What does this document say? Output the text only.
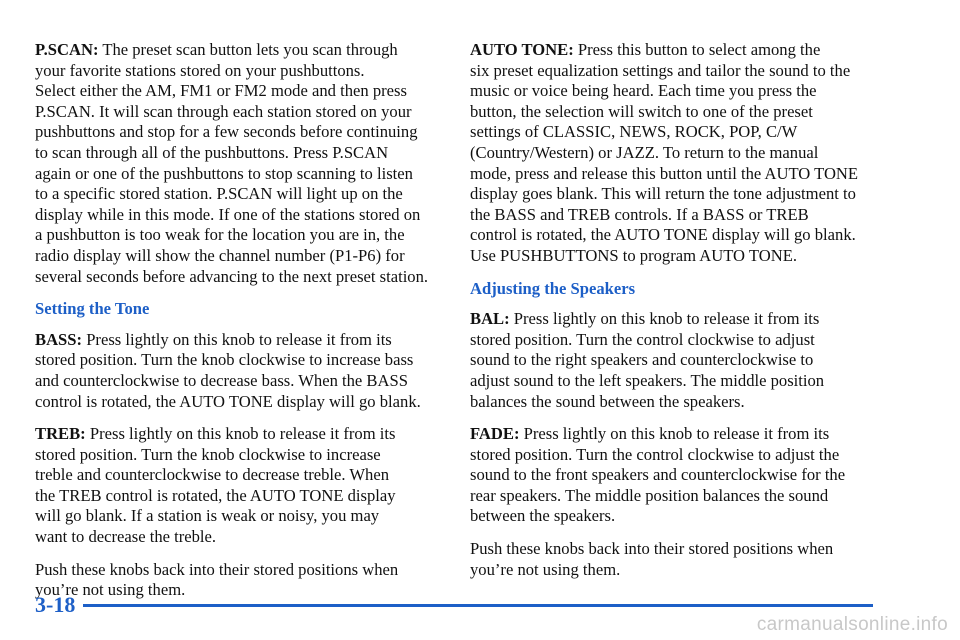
P.SCAN: The preset scan button lets you scan through
your favorite stations stored on your pushbuttons.
Select either the AM, FM1 or FM2 mode and then press
P.SCAN. It will scan through each station stored on your
pushbuttons and stop for a few seconds before continuing
to scan through all of the pushbuttons. Press P.SCAN
again or one of the pushbuttons to stop scanning to listen
to a specific stored station. P.SCAN will light up on the
display while in this mode. If one of the stations stored on
a pushbutton is too weak for the location you are in, the
radio display will show the channel number (P1-P6) for
several seconds before advancing to the next preset station.

Setting the Tone

BASS: Press lightly on this knob to release it from its
stored position. Turn the knob clockwise to increase bass
and counterclockwise to decrease bass. When the BASS
control is rotated, the AUTO TONE display will go blank.

TREB: Press lightly on this knob to release it from its
stored position. Turn the knob clockwise to increase
treble and counterclockwise to decrease treble. When
the TREB control is rotated, the AUTO TONE display
will go blank. If a station is weak or noisy, you may
want to decrease the treble.

Push these knobs back into their stored positions when
you’re not using them.

AUTO TONE: Press this button to select among the
six preset equalization settings and tailor the sound to the
music or voice being heard. Each time you press the
button, the selection will switch to one of the preset
settings of CLASSIC, NEWS, ROCK, POP, C/W
(Country/Western) or JAZZ. To return to the manual
mode, press and release this button until the AUTO TONE
display goes blank. This will return the tone adjustment to
the BASS and TREB controls. If a BASS or TREB
control is rotated, the AUTO TONE display will go blank.
Use PUSHBUTTONS to program AUTO TONE.

Adjusting the Speakers

BAL: Press lightly on this knob to release it from its
stored position. Turn the control clockwise to adjust
sound to the right speakers and counterclockwise to
adjust sound to the left speakers. The middle position
balances the sound between the speakers.

FADE: Press lightly on this knob to release it from its
stored position. Turn the control clockwise to adjust the
sound to the front speakers and counterclockwise for the
rear speakers. The middle position balances the sound
between the speakers.

Push these knobs back into their stored positions when
you’re not using them.

3-18
carmanualsonline.info
